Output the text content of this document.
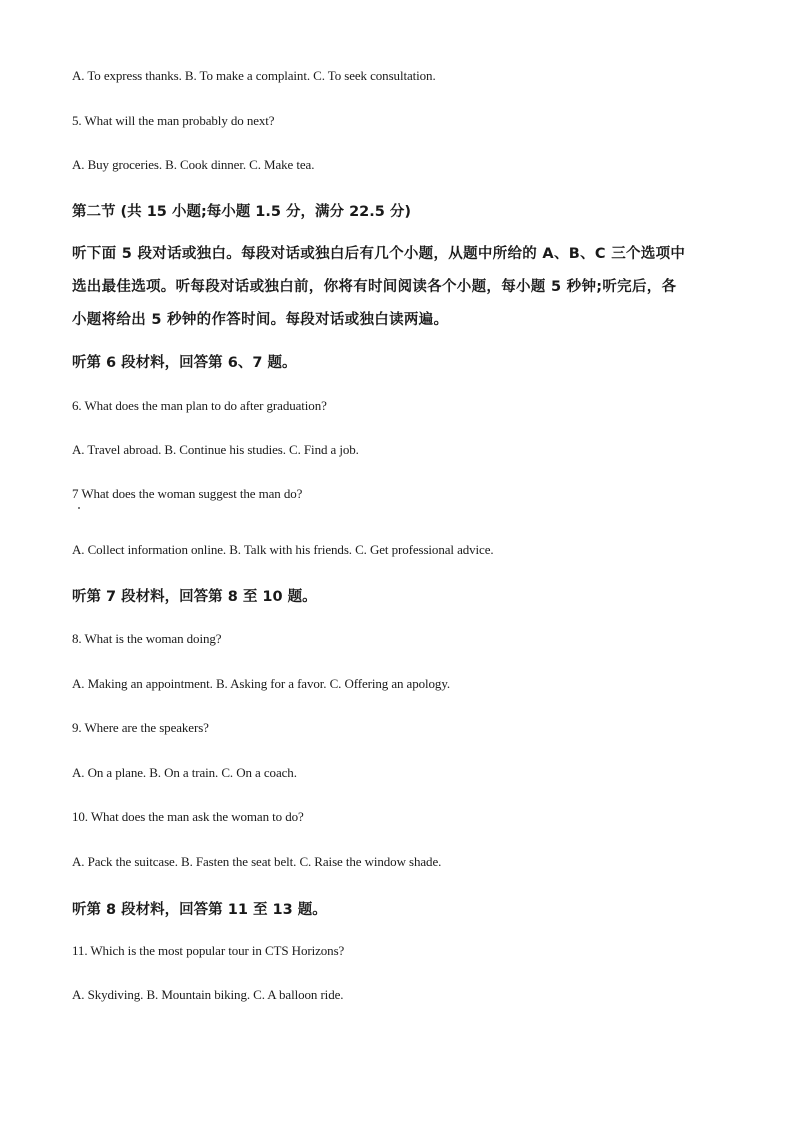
A. To express thanks. B. To make a complaint. C. To seek consultation.
5. What will the man probably do next?
A. Buy groceries. B. Cook dinner. C. Make tea.
第二节 (共 15 小题;每小题 1.5 分，满分 22.5 分)
听下面 5 段对话或独白。每段对话或独白后有几个小题，从题中所给的 A、B、C 三个选项中
选出最佳选项。听每段对话或独白前，你将有时间阅读各个小题，每小题 5 秒钟;听完后，各
小题将给出 5 秒钟的作答时间。每段对话或独白读两遍。
听第 6 段材料，回答第 6、7 题。
6. What does the man plan to do after graduation?
A. Travel abroad. B. Continue his studies. C. Find a job.
7 What does the woman suggest the man do?
A. Collect information online. B. Talk with his friends. C. Get professional advice.
听第 7 段材料，回答第 8 至 10 题。
8. What is the woman doing?
A. Making an appointment. B. Asking for a favor. C. Offering an apology.
9. Where are the speakers?
A. On a plane. B. On a train. C. On a coach.
10. What does the man ask the woman to do?
A. Pack the suitcase. B. Fasten the seat belt. C. Raise the window shade.
听第 8 段材料，回答第 11 至 13 题。
11. Which is the most popular tour in CTS Horizons?
A. Skydiving. B. Mountain biking. C. A balloon ride.
